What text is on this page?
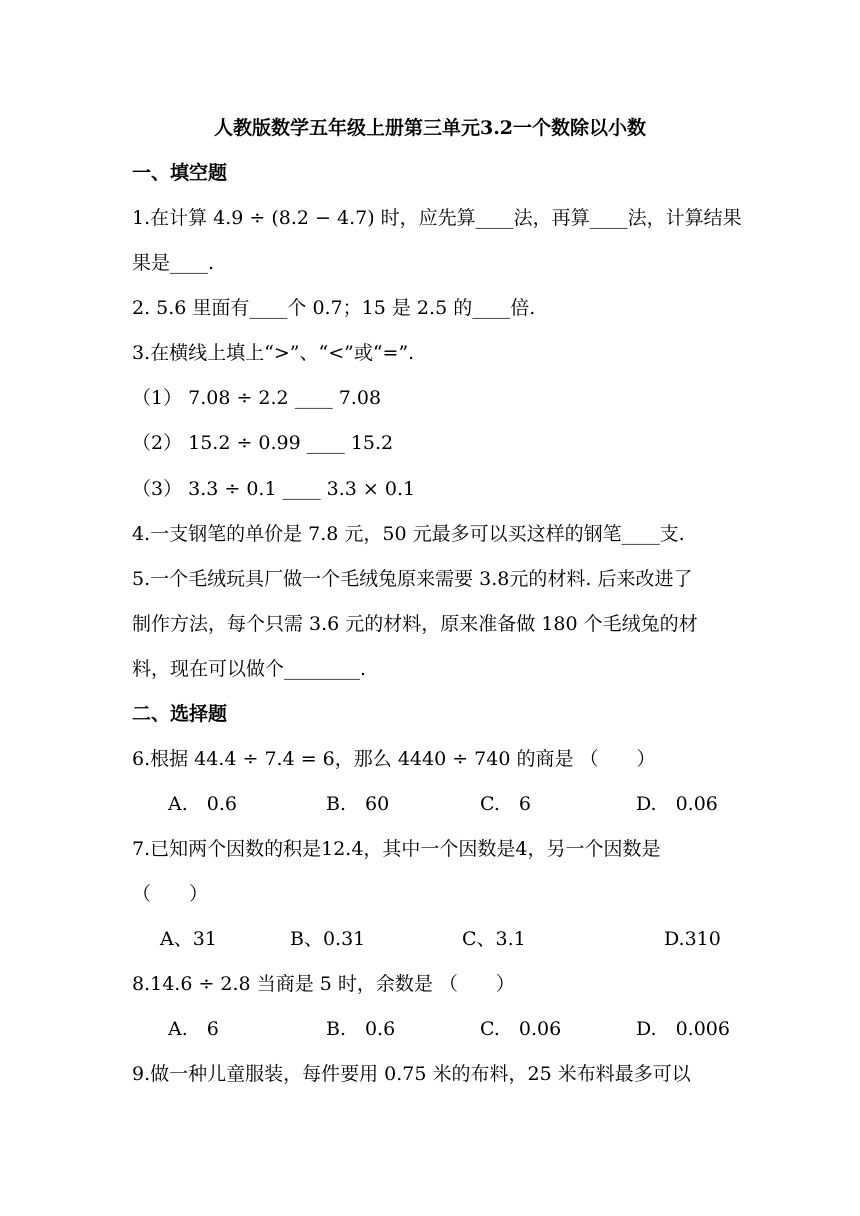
人教版数学五年级上册第三单元3.2一个数除以小数
一、填空题
1.在计算 4.9 ÷ (8.2 − 4.7) 时，应先算____法，再算____法，计算结果
果是____.
2. 5.6 里面有____个 0.7；15 是 2.5 的____倍.
3.在横线上填上“>”、“<”或“=”.
（1） 7.08 ÷ 2.2 ____ 7.08
（2） 15.2 ÷ 0.99 ____ 15.2
（3） 3.3 ÷ 0.1 ____ 3.3 × 0.1
4.一支钢笔的单价是 7.8 元，50 元最多可以买这样的钢笔____支.
5.一个毛绒玩具厂做一个毛绒兔原来需要 3.8元的材料. 后来改进了
制作方法，每个只需 3.6 元的材料，原来准备做 180 个毛绒兔的材
料，现在可以做个________.
二、选择题
6.根据 44.4 ÷ 7.4 = 6，那么 4440 ÷ 740 的商是 （　　）
A.　0.6	B.　60	C.　6	D.　0.06
7.已知两个因数的积是12.4，其中一个因数是4，另一个因数是
（　　）
A、31	B、0.31	C、3.1	D.310
8.14.6 ÷ 2.8 当商是 5 时，余数是 （　　）
A.　6	B.　0.6	C.　0.06	D.　0.006
9.做一种儿童服装，每件要用 0.75 米的布料，25 米布料最多可以
